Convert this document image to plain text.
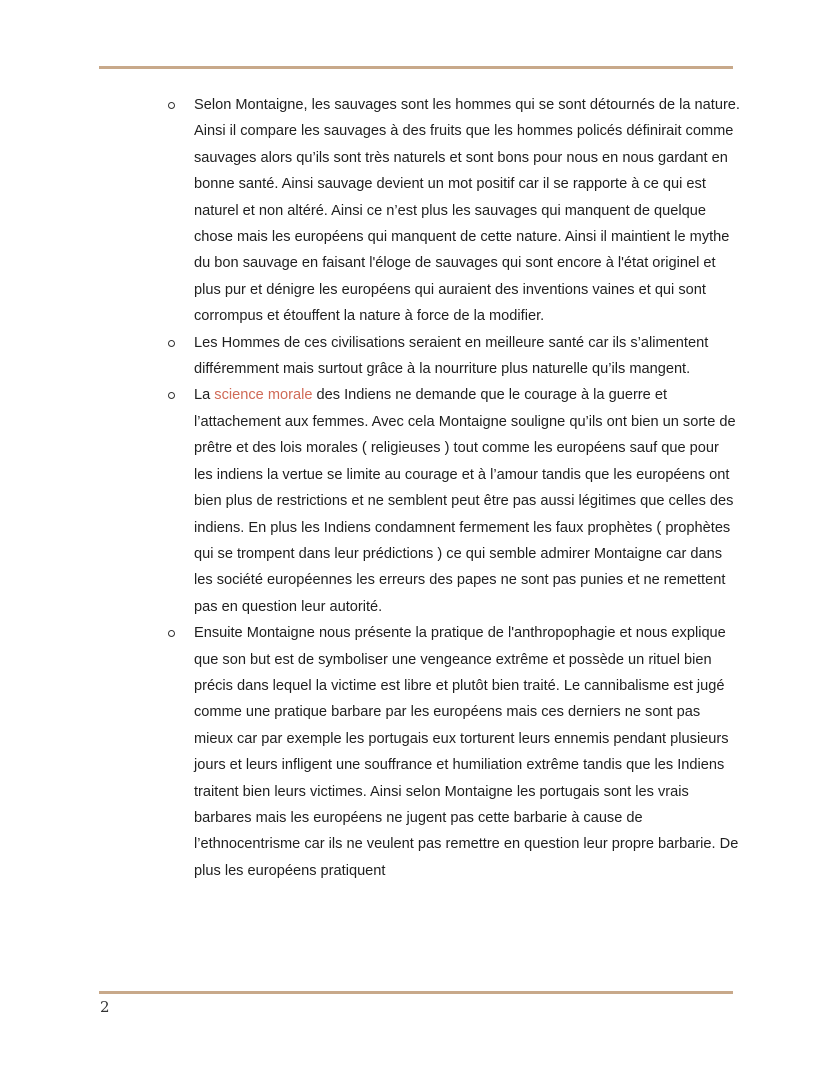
Selon Montaigne, les sauvages sont les hommes qui se sont détournés de la nature. Ainsi il compare les sauvages à des fruits que les hommes policés définirait comme sauvages alors qu’ils sont très naturels et sont bons pour nous en nous gardant en bonne santé. Ainsi sauvage devient un mot positif car il se rapporte à ce qui est naturel et non altéré. Ainsi ce n’est plus les sauvages qui manquent de quelque chose mais les européens qui manquent de cette nature. Ainsi il maintient le mythe du bon sauvage en faisant l'éloge de sauvages qui sont encore à l'état originel et plus pur et dénigre les européens qui auraient des inventions vaines et qui sont corrompus et étouffent la nature à force de la modifier.
Les Hommes de ces civilisations seraient en meilleure santé car ils s’alimentent différemment mais surtout grâce à la nourriture plus naturelle qu’ils mangent.
La science morale des Indiens ne demande que le courage à la guerre et l’attachement aux femmes. Avec cela Montaigne souligne qu’ils ont bien un sorte de prêtre et des lois morales ( religieuses ) tout comme les européens sauf que pour les indiens la vertue se limite au courage et à l’amour tandis que les européens ont bien plus de restrictions et ne semblent peut être pas aussi légitimes que celles des indiens. En plus les Indiens condamnent fermement les faux prophètes ( prophètes qui se trompent dans leur prédictions ) ce qui semble admirer Montaigne car dans les société européennes les erreurs des papes ne sont pas punies et ne remettent pas en question leur autorité.
Ensuite Montaigne nous présente la pratique de l'anthropophagie et nous explique que son but est de symboliser une vengeance extrême et possède un rituel bien précis dans lequel la victime est libre et plutôt bien traité. Le cannibalisme est jugé comme une pratique barbare par les européens mais ces derniers ne sont pas mieux car par exemple les portugais eux torturent leurs ennemis pendant plusieurs jours et leurs infligent une souffrance et humiliation extrême tandis que les Indiens traitent bien leurs victimes. Ainsi selon Montaigne les portugais sont les vrais barbares mais les européens ne jugent pas cette barbarie à cause de l’ethnocentrisme car ils ne veulent pas remettre en question leur propre barbarie. De plus les européens pratiquent
2
